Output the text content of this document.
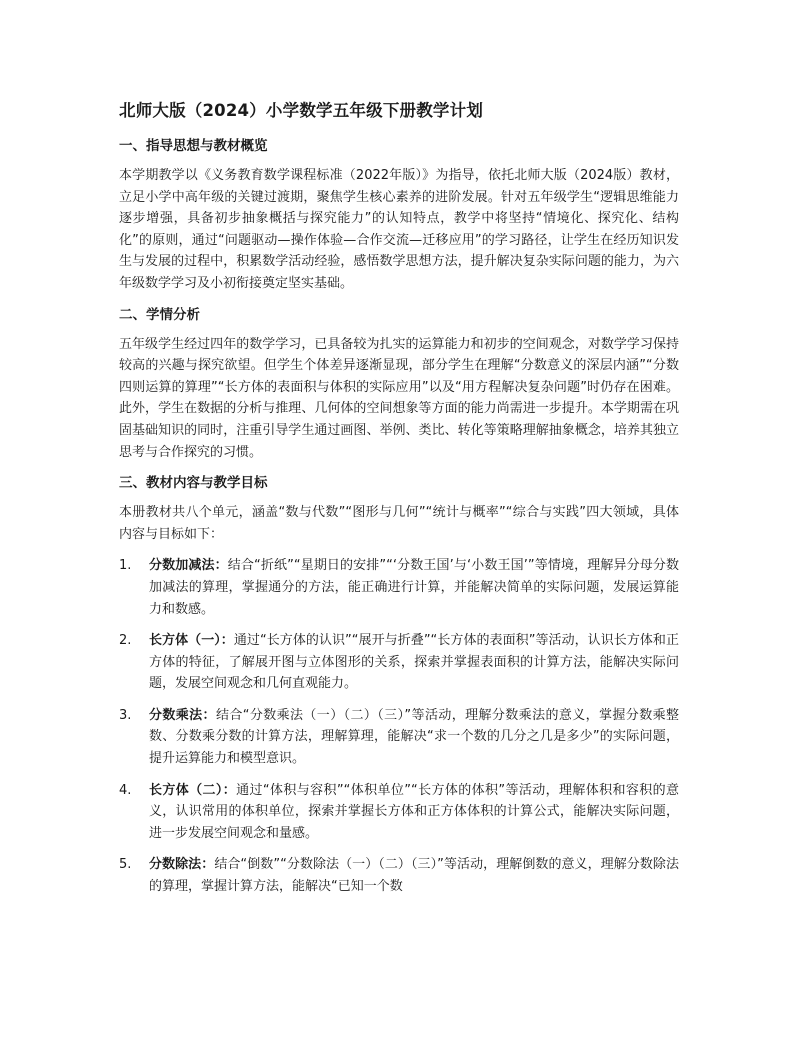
北师大版（2024）小学数学五年级下册教学计划
一、指导思想与教材概览

本学期教学以《义务教育数学课程标准（2022年版）》为指导，依托北师大版（2024版）教材，立足小学中高年级的关键过渡期，聚焦学生核心素养的进阶发展。针对五年级学生“逻辑思维能力逐步增强，具备初步抽象概括与探究能力”的认知特点，教学中将坚持“情境化、探究化、结构化”的原则，通过“问题驱动—操作体验—合作交流—迁移应用”的学习路径，让学生在经历知识发生与发展的过程中，积累数学活动经验，感悟数学思想方法，提升解决复杂实际问题的能力，为六年级数学学习及小初衔接奠定坚实基础。

二、学情分析

五年级学生经过四年的数学学习，已具备较为扎实的运算能力和初步的空间观念，对数学学习保持较高的兴趣与探究欲望。但学生个体差异逐渐显现，部分学生在理解“分数意义的深层内涵”“分数四则运算的算理”“长方体的表面积与体积的实际应用”以及“用方程解决复杂问题”时仍存在困难。此外，学生在数据的分析与推理、几何体的空间想象等方面的能力尚需进一步提升。本学期需在巩固基础知识的同时，注重引导学生通过画图、举例、类比、转化等策略理解抽象概念，培养其独立思考与合作探究的习惯。

三、教材内容与教学目标

本册教材共八个单元，涵盖“数与代数”“图形与几何”“统计与概率”“综合与实践”四大领域，具体内容与目标如下：

1.	分数加减法：结合“折纸”“星期日的安排”“‘分数王国’与‘小数王国’”等情境，理解异分母分数加减法的算理，掌握通分的方法，能正确进行计算，并能解决简单的实际问题，发展运算能力和数感。
2.	长方体（一）：通过“长方体的认识”“展开与折叠”“长方体的表面积”等活动，认识长方体和正方体的特征，了解展开图与立体图形的关系，探索并掌握表面积的计算方法，能解决实际问题，发展空间观念和几何直观能力。
3.	分数乘法：结合“分数乘法（一）（二）（三）”等活动，理解分数乘法的意义，掌握分数乘整数、分数乘分数的计算方法，理解算理，能解决“求一个数的几分之几是多少”的实际问题，提升运算能力和模型意识。
4.	长方体（二）：通过“体积与容积”“体积单位”“长方体的体积”等活动，理解体积和容积的意义，认识常用的体积单位，探索并掌握长方体和正方体体积的计算公式，能解决实际问题，进一步发展空间观念和量感。
5.	分数除法：结合“倒数”“分数除法（一）（二）（三）”等活动，理解倒数的意义，理解分数除法的算理，掌握计算方法，能解决“已知一个数
